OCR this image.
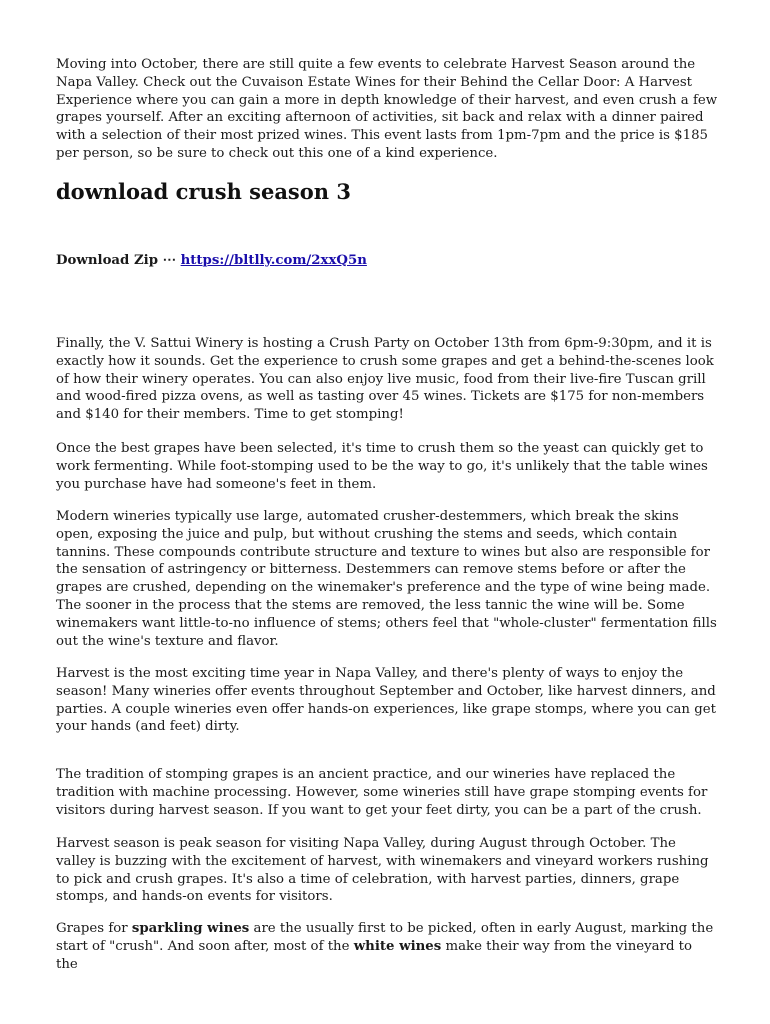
Moving into October, there are still quite a few events to celebrate Harvest Season around the Napa Valley. Check out the Cuvaison Estate Wines for their Behind the Cellar Door: A Harvest Experience where you can gain a more in depth knowledge of their harvest, and even crush a few grapes yourself. After an exciting afternoon of activities, sit back and relax with a dinner paired with a selection of their most prized wines. This event lasts from 1pm-7pm and the price is $185 per person, so be sure to check out this one of a kind experience.

download crush season 3

Download Zip ⋯ https://bltlly.com/2xxQ5n

Finally, the V. Sattui Winery is hosting a Crush Party on October 13th from 6pm-9:30pm, and it is exactly how it sounds. Get the experience to crush some grapes and get a behind-the-scenes look of how their winery operates. You can also enjoy live music, food from their live-fire Tuscan grill and wood-fired pizza ovens, as well as tasting over 45 wines. Tickets are $175 for non-members and $140 for their members. Time to get stomping!

Once the best grapes have been selected, it's time to crush them so the yeast can quickly get to work fermenting. While foot-stomping used to be the way to go, it's unlikely that the table wines you purchase have had someone's feet in them.

Modern wineries typically use large, automated crusher-destemmers, which break the skins open, exposing the juice and pulp, but without crushing the stems and seeds, which contain tannins. These compounds contribute structure and texture to wines but also are responsible for the sensation of astringency or bitterness. Destemmers can remove stems before or after the grapes are crushed, depending on the winemaker's preference and the type of wine being made. The sooner in the process that the stems are removed, the less tannic the wine will be. Some winemakers want little-to-no influence of stems; others feel that "whole-cluster" fermentation fills out the wine's texture and flavor.

Harvest is the most exciting time year in Napa Valley, and there's plenty of ways to enjoy the season! Many wineries offer events throughout September and October, like harvest dinners, and parties. A couple wineries even offer hands-on experiences, like grape stomps, where you can get your hands (and feet) dirty.

The tradition of stomping grapes is an ancient practice, and our wineries have replaced the tradition with machine processing. However, some wineries still have grape stomping events for visitors during harvest season. If you want to get your feet dirty, you can be a part of the crush.

Harvest season is peak season for visiting Napa Valley, during August through October. The valley is buzzing with the excitement of harvest, with winemakers and vineyard workers rushing to pick and crush grapes. It's also a time of celebration, with harvest parties, dinners, grape stomps, and hands-on events for visitors.

Grapes for sparkling wines are the usually first to be picked, often in early August, marking the start of "crush". And soon after, most of the white wines make their way from the vineyard to the
